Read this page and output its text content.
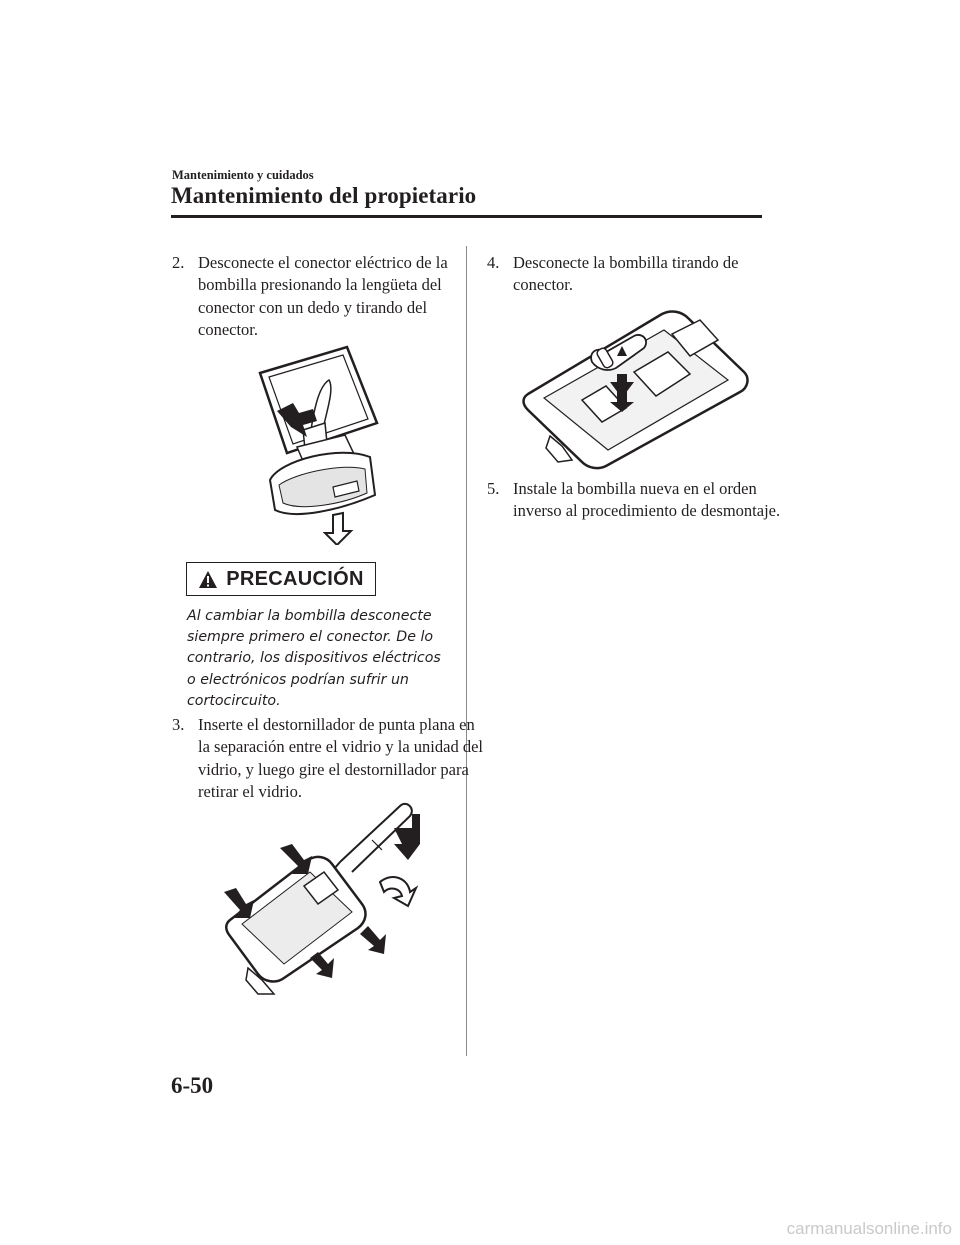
Mantenimiento y cuidados
Mantenimiento del propietario
2. Desconecte el conector eléctrico de la bombilla presionando la lengüeta del conector con un dedo y tirando del conector.
PRECAUCIÓN
Al cambiar la bombilla desconecte siempre primero el conector. De lo contrario, los dispositivos eléctricos o electrónicos podrían sufrir un cortocircuito.
3. Inserte el destornillador de punta plana en la separación entre el vidrio y la unidad del vidrio, y luego gire el destornillador para retirar el vidrio.
4. Desconecte la bombilla tirando de conector.
5. Instale la bombilla nueva en el orden inverso al procedimiento de desmontaje.
6-50
carmanualsonline.info
